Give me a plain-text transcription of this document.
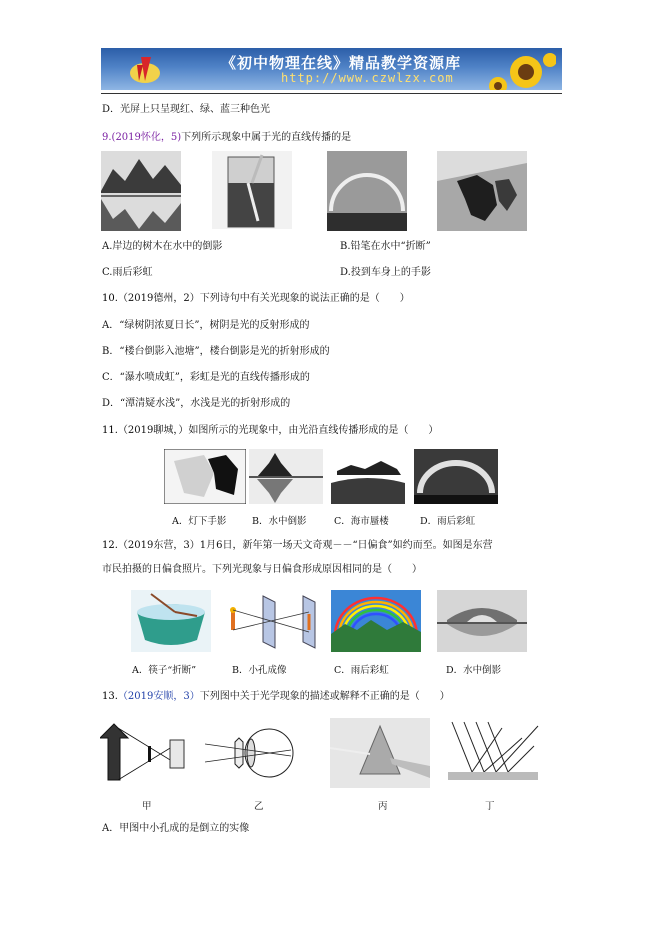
《初中物理在线》精品教学资源库
http://www.czwlzx.com
D．光屏上只呈现红、绿、蓝三种色光
9.(2019怀化，5)下列所示现象中属于光的直线传播的是
A.岸边的树木在水中的倒影	B.铅笔在水中“折断”
C.雨后彩虹	D.投到车身上的手影
10.（2019德州，2）下列诗句中有关光现象的说法正确的是（　　）
A．“绿树阴浓夏日长”，树阴是光的反射形成的
B．“楼台倒影入池塘”，楼台倒影是光的折射形成的
C．“瀑水喷成虹”，彩虹是光的直线传播形成的
D．“潭清疑水浅”，水浅是光的折射形成的
11.（2019聊城，）如图所示的光现象中，由光沿直线传播形成的是（　　）
A．灯下手影	B．水中倒影	C．海市蜃楼	D．雨后彩虹
12.（2019东营，3）1月6日，新年第一场天文奇观－－“日偏食”如约而至。如图是东营
市民拍摄的日偏食照片。下列光现象与日偏食形成原因相同的是（　　）
A．筷子“折断”	B．小孔成像	C．雨后彩虹	D．水中倒影
13.（2019安顺，3）下列图中关于光学现象的描述或解释不正确的是（　　）
甲	乙	丙	丁
A．甲图中小孔成的是倒立的实像
